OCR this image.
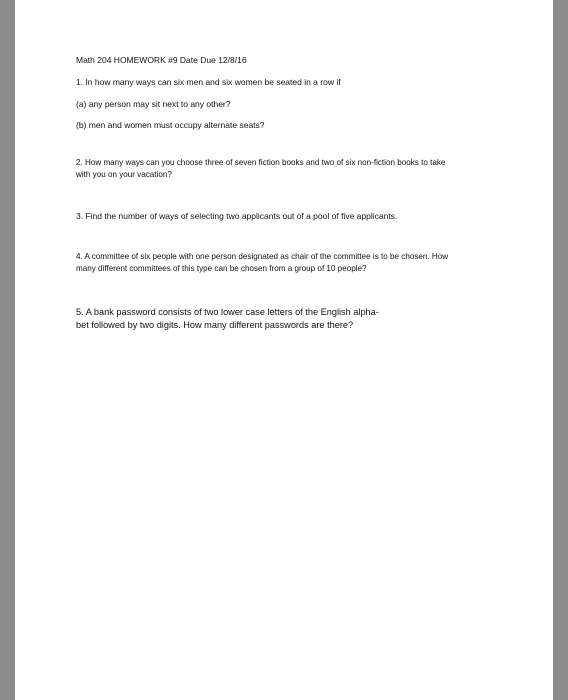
Math 204 HOMEWORK #9 Date Due 12/8/16

1. In how many ways can six men and six women be seated in a row if

(a) any person may sit next to any other?

(b) men and women must occupy alternate seats?

2. How many ways can you choose three of seven fiction books and two of six non-fiction books to take

with you on your vacation?

3. Find the number of ways of selecting two applicants out of a pool of five applicants.

4. A committee of six people with one person designated as chair of the committee is to be chosen. How

many different committees of this type can be chosen from a group of 10 people?

5. A bank password consists of two lower case letters of the English alpha-

bet followed by two digits. How many different passwords are there?
